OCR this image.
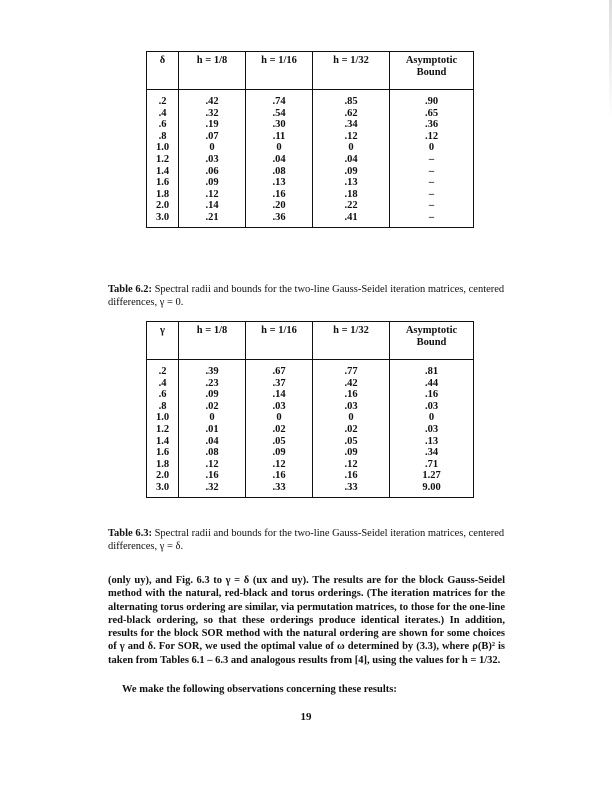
δ	h = 1/8	h = 1/16	h = 1/32	Asymptotic Bound
.2	.42	.74	.85	.90
.4	.32	.54	.62	.65
.6	.19	.30	.34	.36
.8	.07	.11	.12	.12
1.0	0	0	0	0
1.2	.03	.04	.04	–
1.4	.06	.08	.09	–
1.6	.09	.13	.13	–
1.8	.12	.16	.18	–
2.0	.14	.20	.22	–
3.0	.21	.36	.41	–
Table 6.2: Spectral radii and bounds for the two-line Gauss-Seidel iteration matrices, centered differences, γ = 0.
γ	h = 1/8	h = 1/16	h = 1/32	Asymptotic Bound
.2	.39	.67	.77	.81
.4	.23	.37	.42	.44
.6	.09	.14	.16	.16
.8	.02	.03	.03	.03
1.0	0	0	0	0
1.2	.01	.02	.02	.03
1.4	.04	.05	.05	.13
1.6	.08	.09	.09	.34
1.8	.12	.12	.12	.71
2.0	.16	.16	.16	1.27
3.0	.32	.33	.33	9.00
Table 6.3: Spectral radii and bounds for the two-line Gauss-Seidel iteration matrices, centered differences, γ = δ.
(only uy), and Fig. 6.3 to γ = δ (ux and uy). The results are for the block Gauss-Seidel method with the natural, red-black and torus orderings. (The iteration matrices for the alternating torus ordering are similar, via permutation matrices, to those for the one-line red-black ordering, so that these orderings produce identical iterates.) In addition, results for the block SOR method with the natural ordering are shown for some choices of γ and δ. For SOR, we used the optimal value of ω determined by (3.3), where ρ(B)² is taken from Tables 6.1 – 6.3 and analogous results from [4], using the values for h = 1/32.
We make the following observations concerning these results:
19
